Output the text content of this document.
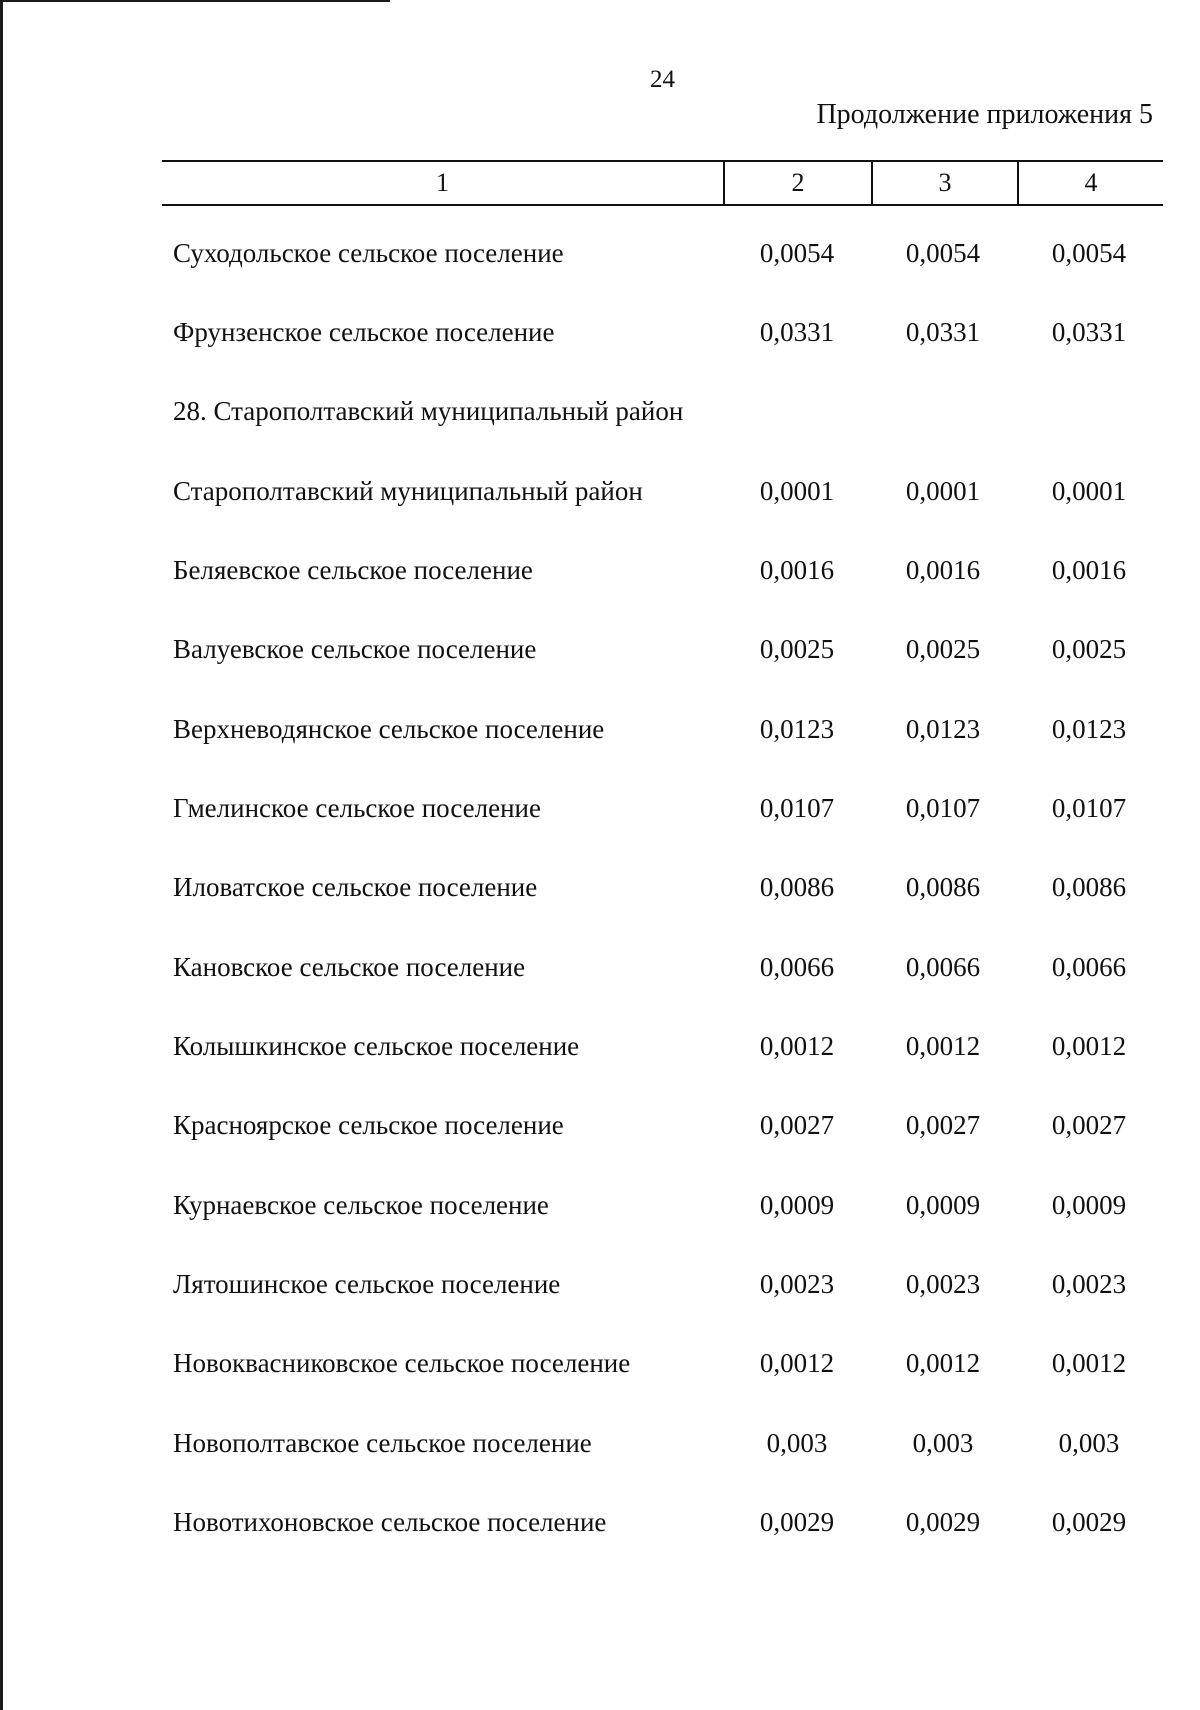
24
Продолжение приложения 5
1	2	3	4
Суходольское сельское поселение	0,0054	0,0054	0,0054
Фрунзенское сельское поселение	0,0331	0,0331	0,0331
28. Старополтавский муниципальный район
Старополтавский муниципальный район	0,0001	0,0001	0,0001
Беляевское сельское поселение	0,0016	0,0016	0,0016
Валуевское сельское поселение	0,0025	0,0025	0,0025
Верхневодянское сельское поселение	0,0123	0,0123	0,0123
Гмелинское сельское поселение	0,0107	0,0107	0,0107
Иловатское сельское поселение	0,0086	0,0086	0,0086
Кановское сельское поселение	0,0066	0,0066	0,0066
Колышкинское сельское поселение	0,0012	0,0012	0,0012
Красноярское сельское поселение	0,0027	0,0027	0,0027
Курнаевское сельское поселение	0,0009	0,0009	0,0009
Лятошинское сельское поселение	0,0023	0,0023	0,0023
Новоквасниковское сельское поселение	0,0012	0,0012	0,0012
Новополтавское сельское поселение	0,003	0,003	0,003
Новотихоновское сельское поселение	0,0029	0,0029	0,0029
